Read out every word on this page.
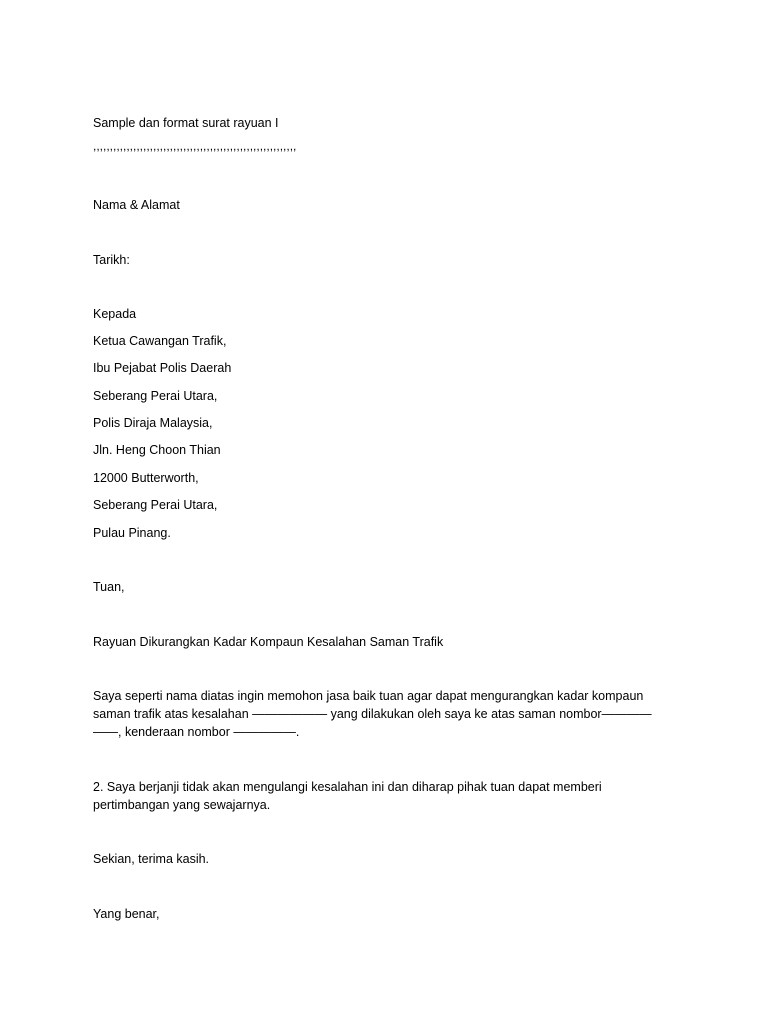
Sample dan format surat rayuan I
,,,,,,,,,,,,,,,,,,,,,,,,,,,,,,,,,,,,,,,,,,,,,,,,,,,,,,,,,,,,,
Nama & Alamat
Tarikh:
Kepada
Ketua Cawangan Trafik,
Ibu Pejabat Polis Daerah
Seberang Perai Utara,
Polis Diraja Malaysia,
Jln. Heng Choon Thian
12000 Butterworth,
Seberang Perai Utara,
Pulau Pinang.
Tuan,
Rayuan Dikurangkan Kadar Kompaun Kesalahan Saman Trafik
Saya seperti nama diatas ingin memohon jasa baik tuan agar dapat mengurangkan kadar kompaun
saman trafik atas kesalahan ―――――― yang dilakukan oleh saya ke atas saman nombor――――
――, kenderaan nombor ―――――.
2. Saya berjanji tidak akan mengulangi kesalahan ini dan diharap pihak tuan dapat memberi
pertimbangan yang sewajarnya.
Sekian, terima kasih.
Yang benar,
